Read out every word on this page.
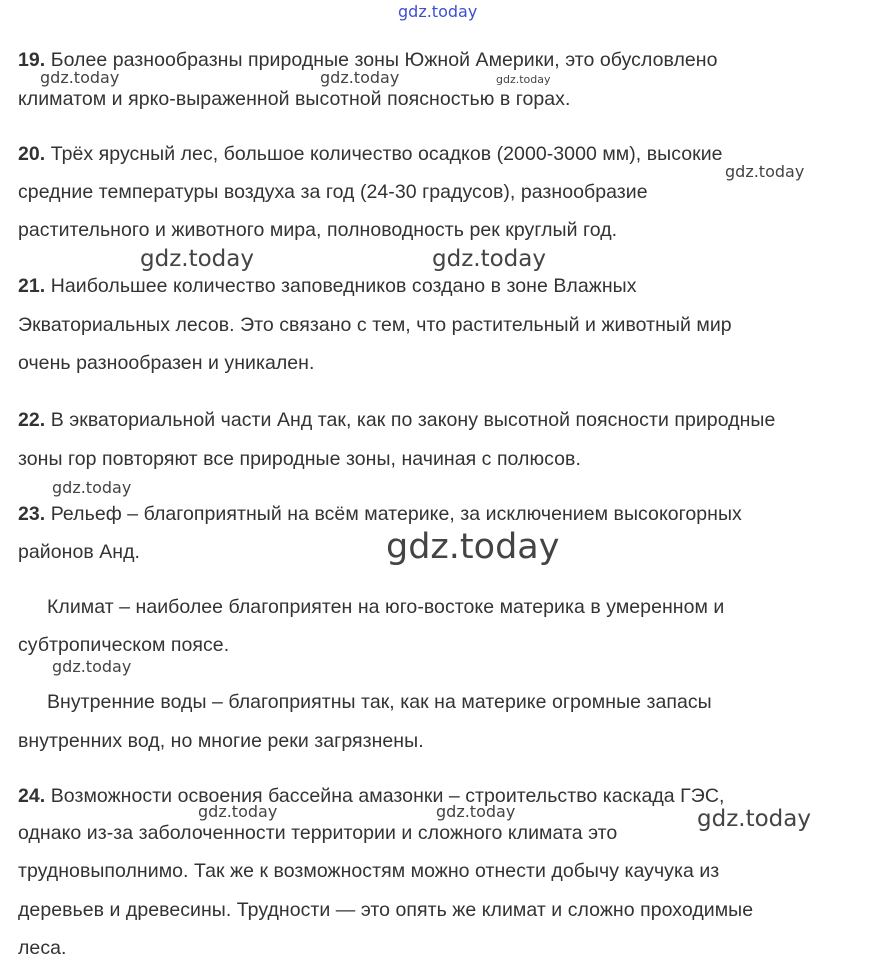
gdz.today
19. Более разнообразны природные зоны Южной Америки, это обусловлено
gdz.today	gdz.today	gdz.today
климатом и ярко-выраженной высотной поясностью в горах.
20. Трёх ярусный лес, большое количество осадков (2000-3000 мм), высокие
gdz.today
средние температуры воздуха за год (24-30 градусов), разнообразие
растительного и животного мира, полноводность рек круглый год.
gdz.today	gdz.today
21. Наибольшее количество заповедников создано в зоне Влажных
Экваториальных лесов. Это связано с тем, что растительный и животный мир
очень разнообразен и уникален.
22. В экваториальной части Анд так, как по закону высотной поясности природные
зоны гор повторяют все природные зоны, начиная с полюсов.
gdz.today
23. Рельеф – благоприятный на всём материке, за исключением высокогорных
районов Анд.	gdz.today
Климат – наиболее благоприятен на юго-востоке материка в умеренном и
субтропическом поясе.
gdz.today
Внутренние воды – благоприятны так, как на материке огромные запасы
внутренних вод, но многие реки загрязнены.
24. Возможности освоения бассейна амазонки – строительство каскада ГЭС,
gdz.today	gdz.today	gdz.today
однако из-за заболоченности территории и сложного климата это
трудновыполнимо. Так же к возможностям можно отнести добычу каучука из
деревьев и древесины. Трудности — это опять же климат и сложно проходимые
леса.
